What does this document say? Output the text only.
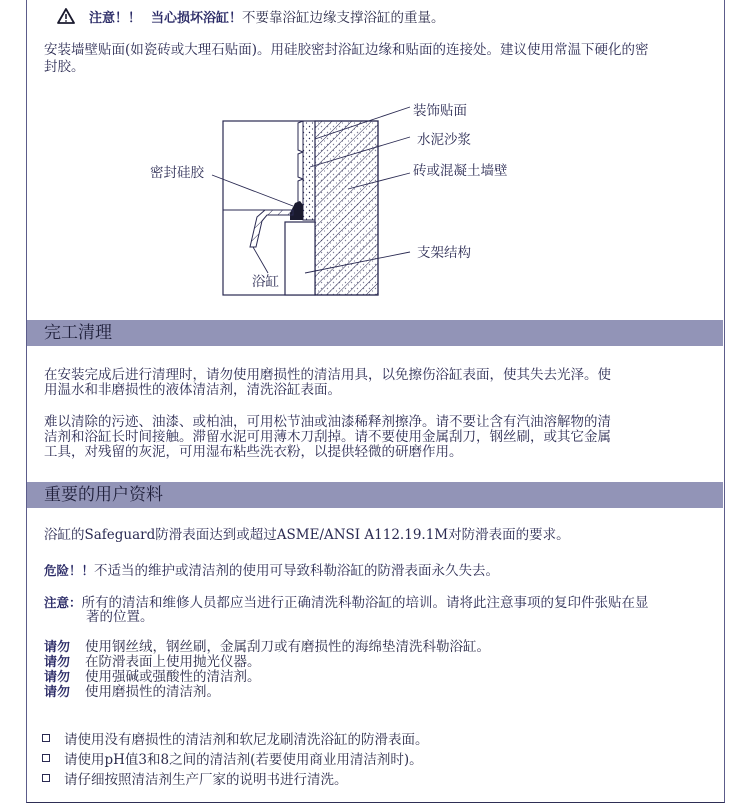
注意！！ 当心损坏浴缸！ 不要靠浴缸边缘支撑浴缸的重量。
安装墙壁贴面(如瓷砖或大理石贴面)。用硅胶密封浴缸边缘和贴面的连接处。建议使用常温下硬化的密
封胶。
装饰贴面
水泥沙浆
砖或混凝土墙壁
密封硅胶
支架结构
浴缸
完工清理
在安装完成后进行清理时，请勿使用磨损性的清洁用具，以免擦伤浴缸表面，使其失去光泽。使
用温水和非磨损性的液体清洁剂，清洗浴缸表面。
难以清除的污迹、油漆、或柏油，可用松节油或油漆稀释剂擦净。请不要让含有汽油溶解物的清
洁剂和浴缸长时间接触。滞留水泥可用薄木刀刮掉。请不要使用金属刮刀，钢丝刷，或其它金属
工具，对残留的灰泥，可用湿布粘些洗衣粉，以提供轻微的研磨作用。
重要的用户资料
浴缸的Safeguard防滑表面达到或超过ASME/ANSI A112.19.1M对防滑表面的要求。
危险！！不适当的维护或清洁剂的使用可导致科勒浴缸的防滑表面永久失去。
注意：所有的清洁和维修人员都应当进行正确清洗科勒浴缸的培训。请将此注意事项的复印件张贴在显
著的位置。
请勿	使用钢丝绒，钢丝刷，金属刮刀或有磨损性的海绵垫清洗科勒浴缸。
请勿	在防滑表面上使用抛光仪器。
请勿	使用强碱或强酸性的清洁剂。
请勿	使用磨损性的清洁剂。
请使用没有磨损性的清洁剂和软尼龙刷清洗浴缸的防滑表面。
请使用pH值3和8之间的清洁剂(若要使用商业用清洁剂时)。
请仔细按照清洁剂生产厂家的说明书进行清洗。
